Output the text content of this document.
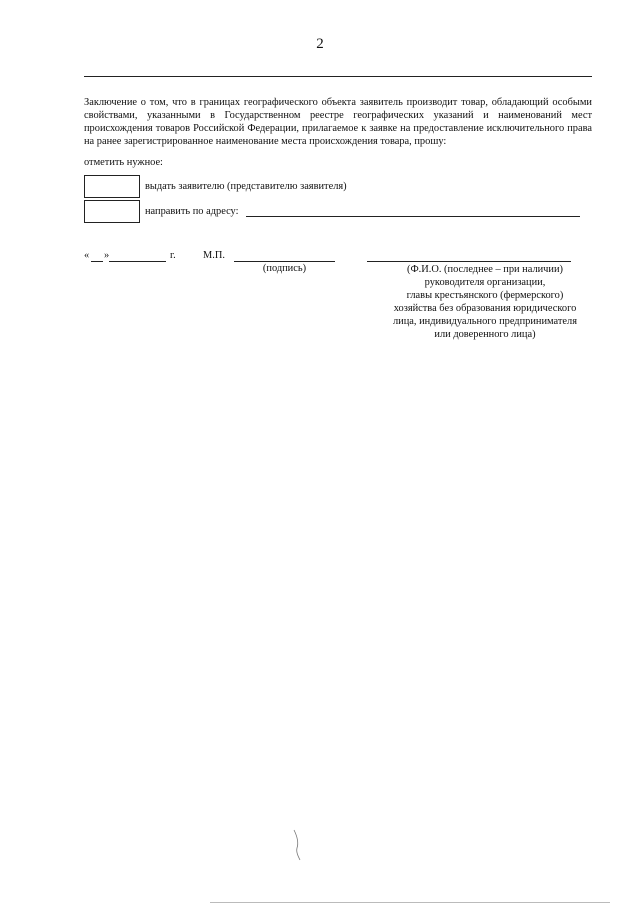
2
Заключение о том, что в границах географического объекта заявитель производит товар, обладающий особыми свойствами, указанными в Государственном реестре географических указаний и наименований мест происхождения товаров Российской Федерации, прилагаемое к заявке на предоставление исключительного права на ранее зарегистрированное наименование места происхождения товара, прошу:
отметить нужное:
выдать заявителю (представителю заявителя)
направить по адресу:
« »	г.	М.П.
(подпись)	(Ф.И.О. (последнее – при наличии)
руководителя организации,
главы крестьянского (фермерского)
хозяйства без образования юридического
лица, индивидуального предпринимателя
или доверенного лица)
